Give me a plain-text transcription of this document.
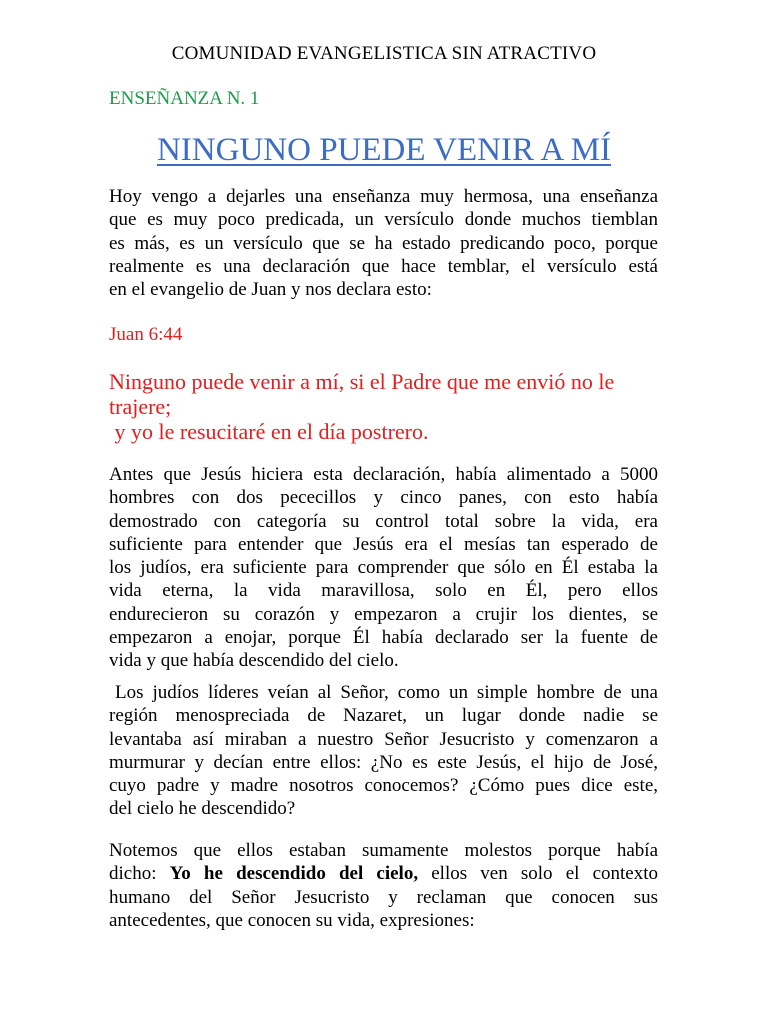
COMUNIDAD EVANGELISTICA SIN ATRACTIVO
ENSEÑANZA N. 1
NINGUNO PUEDE VENIR A MÍ
Hoy vengo a dejarles una enseñanza muy hermosa, una enseñanza
que es muy poco predicada, un versículo donde muchos tiemblan
es más, es un versículo que se ha estado predicando poco, porque
realmente es una declaración que hace temblar, el versículo está
en el evangelio de Juan y nos declara esto:
Juan 6:44
Ninguno puede venir a mí, si el Padre que me envió no le
trajere;
y yo le resucitaré en el día postrero.
Antes que Jesús hiciera esta declaración, había alimentado a 5000
hombres con dos pececillos y cinco panes, con esto había
demostrado con categoría su control total sobre la vida, era
suficiente para entender que Jesús era el mesías tan esperado de
los judíos, era suficiente para comprender que sólo en Él estaba la
vida eterna, la vida maravillosa, solo en Él, pero ellos
endurecieron su corazón y empezaron a crujir los dientes, se
empezaron a enojar, porque Él había declarado ser la fuente de
vida y que había descendido del cielo.
Los judíos líderes veían al Señor, como un simple hombre de una
región menospreciada de Nazaret, un lugar donde nadie se
levantaba así miraban a nuestro Señor Jesucristo y comenzaron a
murmurar y decían entre ellos: ¿No es este Jesús, el hijo de José,
cuyo padre y madre nosotros conocemos? ¿Cómo pues dice este,
del cielo he descendido?
Notemos que ellos estaban sumamente molestos porque había
dicho: Yo he descendido del cielo, ellos ven solo el contexto
humano del Señor Jesucristo y reclaman que conocen sus
antecedentes, que conocen su vida, expresiones:
